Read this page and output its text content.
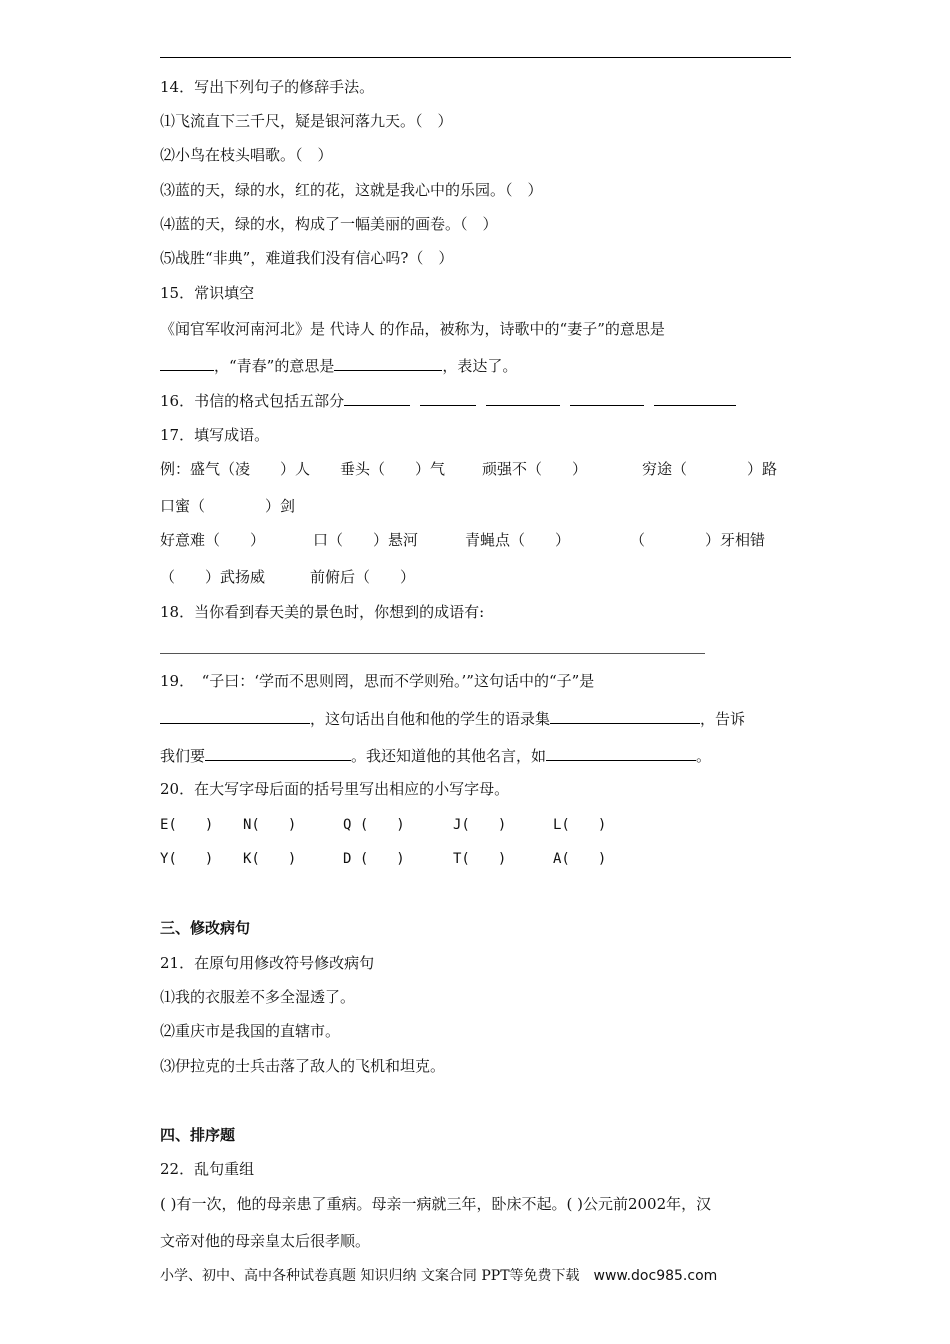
14．写出下列句子的修辞手法。
⑴飞流直下三千尺，疑是银河落九天。（　）
⑵小鸟在枝头唱歌。（　）
⑶蓝的天，绿的水，红的花，这就是我心中的乐园。（　）
⑷蓝的天，绿的水，构成了一幅美丽的画卷。（　）
⑸战胜“非典”，难道我们没有信心吗?（　）
15．常识填空
《闻官军收河南河北》是 代诗人 的作品，被称为，诗歌中的“妻子”的意思是
，“青春”的意思是	，表达了。
16．书信的格式包括五部分
17．填写成语。
例：盛气（凌　　）人 垂头（　　）气 顽强不（　　）	穷途（　　　　）路
口蜜（　　　　）剑
好意难（　　）	口（　　）悬河	青蝇点（　　）	（　　　　）牙相错
（　　）武扬威	前俯后（　　）
18．当你看到春天美的景色时，你想到的成语有:
19．　“子曰：‘学而不思则罔，思而不学则殆。’”这句话中的“子”是
，这句话出自他和他的学生的语录集	，告诉
我们要	。我还知道他的其他名言，如	。
20．在大写字母后面的括号里写出相应的小写字母。
E(　　) N(　　)	Q (　　)	J(　　)	L(　　)
Y(　　) K(　　)	D (　　)	T(　　)	A(　　)
三、修改病句
21．在原句用修改符号修改病句
⑴我的衣服差不多全湿透了。
⑵重庆市是我国的直辖市。
⑶伊拉克的士兵击落了敌人的飞机和坦克。
四、排序题
22．乱句重组
( )有一次，他的母亲患了重病。母亲一病就三年，卧床不起。( )公元前2002年，汉
文帝对他的母亲皇太后很孝顺。
小学、初中、高中各种试卷真题 知识归纳 文案合同 PPT等免费下载 www.doc985.com
